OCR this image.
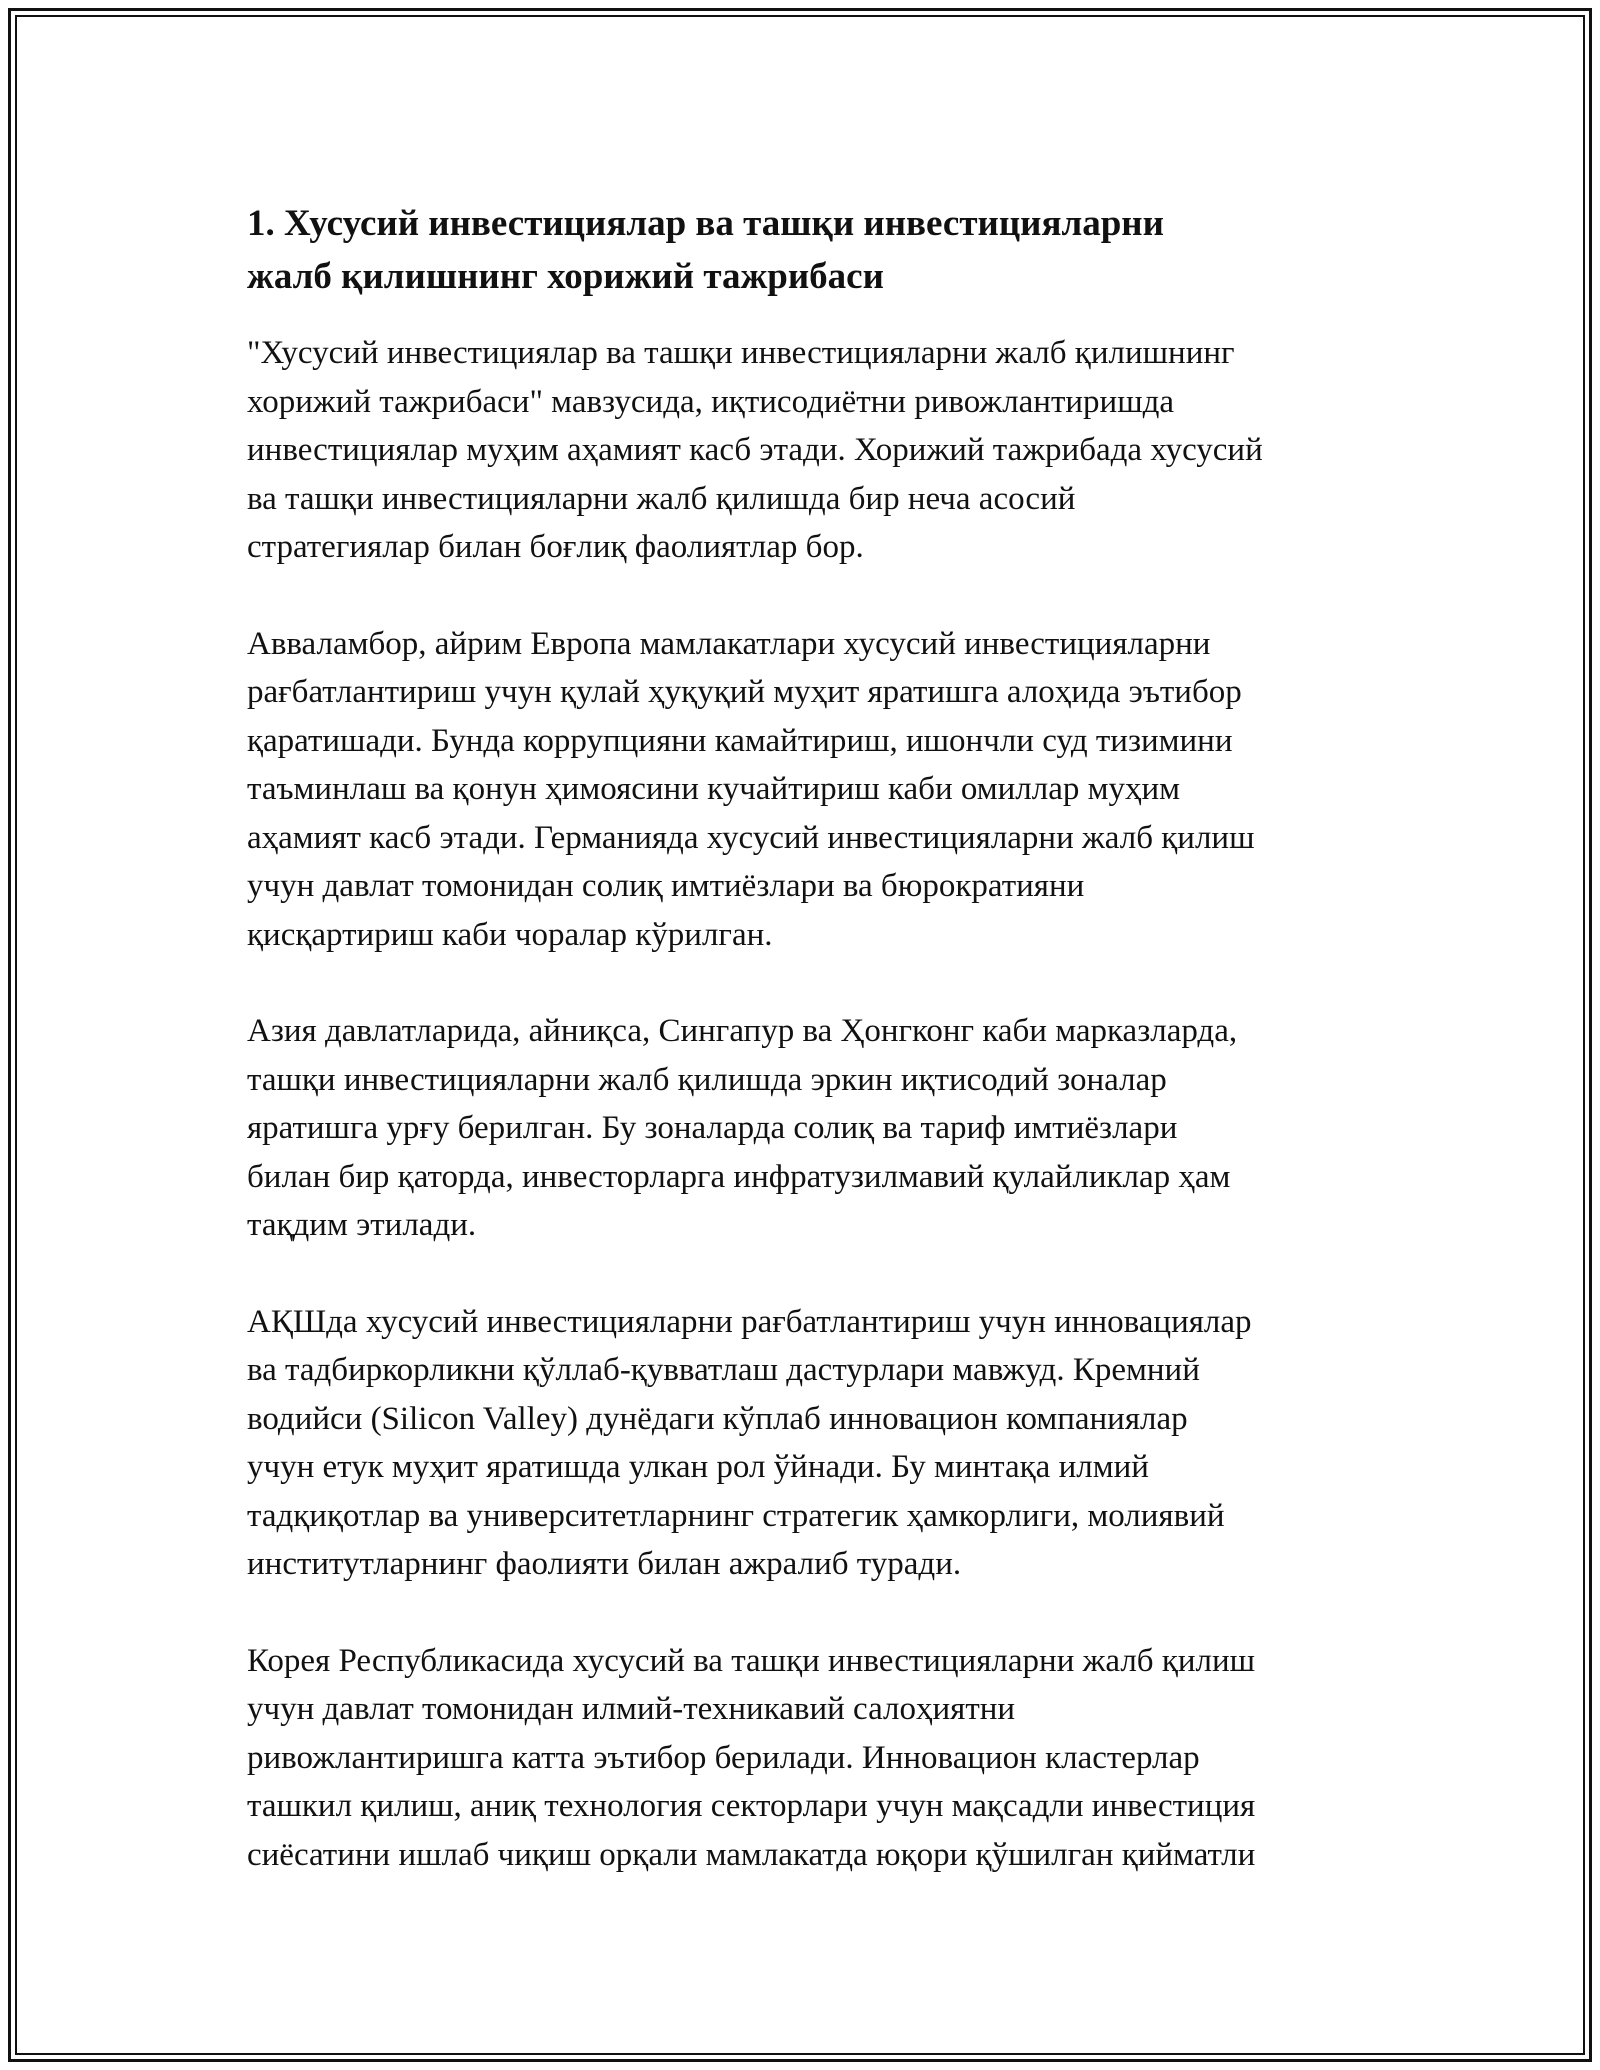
1. Хусусий инвестициялар ва ташқи инвестицияларни
жалб қилишнинг хорижий тажрибаси

"Хусусий инвестициялар ва ташқи инвестицияларни жалб қилишнинг
хорижий тажрибаси" мавзусида, иқтисодиётни ривожлантиришда
инвестициялар муҳим аҳамият касб этади. Хорижий тажрибада хусусий
ва ташқи инвестицияларни жалб қилишда бир неча асосий
стратегиялар билан боғлиқ фаолиятлар бор.

Авваламбор, айрим Европа мамлакатлари хусусий инвестицияларни
рағбатлантириш учун қулай ҳуқуқий муҳит яратишга алоҳида эътибор
қаратишади. Бунда коррупцияни камайтириш, ишончли суд тизимини
таъминлаш ва қонун ҳимоясини кучайтириш каби омиллар муҳим
аҳамият касб этади. Германияда хусусий инвестицияларни жалб қилиш
учун давлат томонидан солиқ имтиёзлари ва бюрократияни
қисқартириш каби чоралар кўрилган.

Азия давлатларида, айниқса, Сингапур ва Ҳонгконг каби марказларда,
ташқи инвестицияларни жалб қилишда эркин иқтисодий зоналар
яратишга урғу берилган. Бу зоналарда солиқ ва тариф имтиёзлари
билан бир қаторда, инвесторларга инфратузилмавий қулайликлар ҳам
тақдим этилади.

АҚШда хусусий инвестицияларни рағбатлантириш учун инновациялар
ва тадбиркорликни қўллаб-қувватлаш дастурлари мавжуд. Кремний
водийси (Silicon Valley) дунёдаги кўплаб инновацион компаниялар
учун етук муҳит яратишда улкан рол ўйнади. Бу минтақа илмий
тадқиқотлар ва университетларнинг стратегик ҳамкорлиги, молиявий
институтларнинг фаолияти билан ажралиб туради.

Корея Республикасида хусусий ва ташқи инвестицияларни жалб қилиш
учун давлат томонидан илмий-техникавий салоҳиятни
ривожлантиришга катта эътибор берилади. Инновацион кластерлар
ташкил қилиш, аниқ технология секторлари учун мақсадли инвестиция
сиёсатини ишлаб чиқиш орқали мамлакатда юқори қўшилган қийматли
